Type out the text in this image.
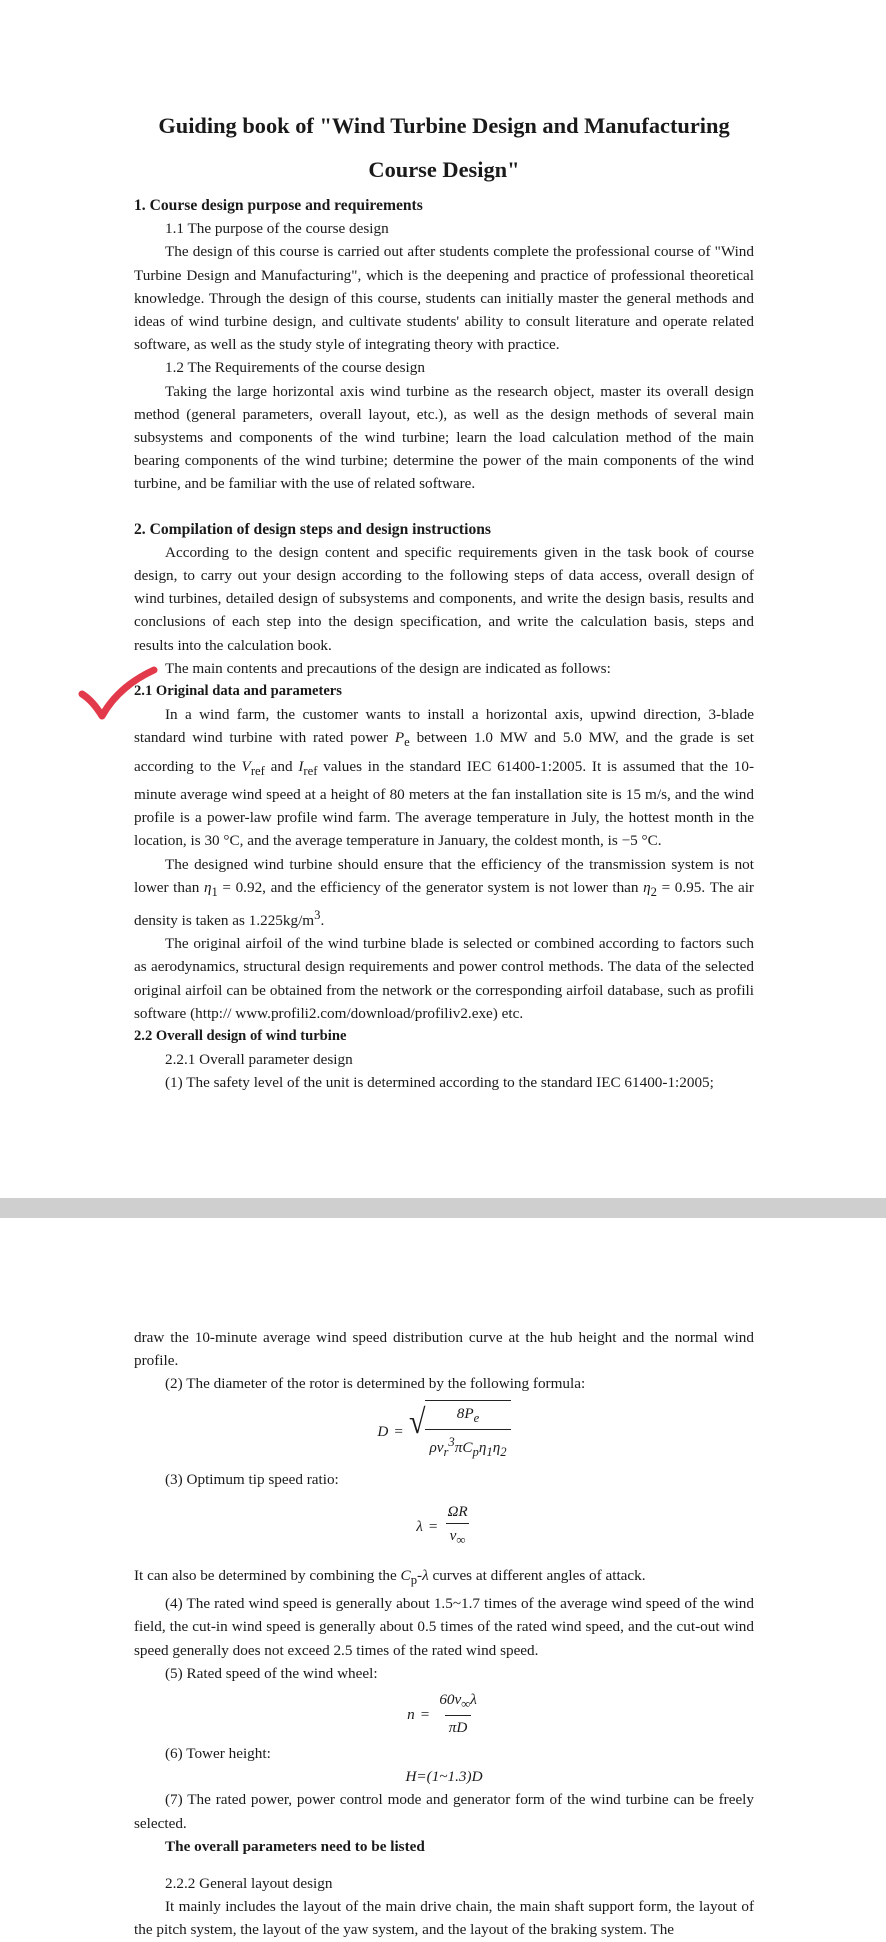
Guiding book of "Wind Turbine Design and Manufacturing
Course Design"

1. Course design purpose and requirements

1.1 The purpose of the course design

The design of this course is carried out after students complete the professional course of "Wind Turbine Design and Manufacturing", which is the deepening and practice of professional theoretical knowledge. Through the design of this course, students can initially master the general methods and ideas of wind turbine design, and cultivate students' ability to consult literature and operate related software, as well as the study style of integrating theory with practice.

1.2 The Requirements of the course design

Taking the large horizontal axis wind turbine as the research object, master its overall design method (general parameters, overall layout, etc.), as well as the design methods of several main subsystems and components of the wind turbine; learn the load calculation method of the main bearing components of the wind turbine; determine the power of the main components of the wind turbine, and be familiar with the use of related software.

2. Compilation of design steps and design instructions

According to the design content and specific requirements given in the task book of course design, to carry out your design according to the following steps of data access, overall design of wind turbines, detailed design of subsystems and components, and write the design basis, results and conclusions of each step into the design specification, and write the calculation basis, steps and results into the calculation book.

The main contents and precautions of the design are indicated as follows:

2.1 Original data and parameters

In a wind farm, the customer wants to install a horizontal axis, upwind direction, 3-blade standard wind turbine with rated power $P_e$ between 1.0 MW and 5.0 MW, and the grade is set according to the $V_{ref}$ and $I_{ref}$ values in the standard IEC 61400-1:2005. It is assumed that the 10-minute average wind speed at a height of 80 meters at the fan installation site is 15 m/s, and the wind profile is a power-law profile wind farm. The average temperature in July, the hottest month in the location, is 30 °C, and the average temperature in January, the coldest month, is −5 °C.

The designed wind turbine should ensure that the efficiency of the transmission system is not lower than $\eta_1 = 0.92$, and the efficiency of the generator system is not lower than $\eta_2 = 0.95$. The air density is taken as $1.225kg/m^3$.

The original airfoil of the wind turbine blade is selected or combined according to factors such as aerodynamics, structural design requirements and power control methods. The data of the selected original airfoil can be obtained from the network or the corresponding airfoil database, such as profili software (http:// www.profili2.com/download/profiliv2.exe) etc.

2.2 Overall design of wind turbine

2.2.1 Overall parameter design

(1) The safety level of the unit is determined according to the standard IEC 61400-1:2005;

draw the 10-minute average wind speed distribution curve at the hub height and the normal wind profile.

(2) The diameter of the rotor is determined by the following formula:

D = √ $\frac{8P_e}{\rho v_r^3\pi C_p\eta_1\eta_2}$

(3) Optimum tip speed ratio:

$\lambda = \frac{\Omega R}{v_\infty}$

It can also be determined by combining the $C_p-\lambda$ curves at different angles of attack.

(4) The rated wind speed is generally about 1.5~1.7 times of the average wind speed of the wind field, the cut-in wind speed is generally about 0.5 times of the rated wind speed, and the cut-out wind speed generally does not exceed 2.5 times of the rated wind speed.

(5) Rated speed of the wind wheel:

$n = \frac{60v_\infty\lambda}{\pi D}$

(6) Tower height:

H=(1~1.3)D

(7) The rated power, power control mode and generator form of the wind turbine can be freely selected.

The overall parameters need to be listed

2.2.2 General layout design

It mainly includes the layout of the main drive chain, the main shaft support form, the layout of the pitch system, the layout of the yaw system, and the layout of the braking system. The
